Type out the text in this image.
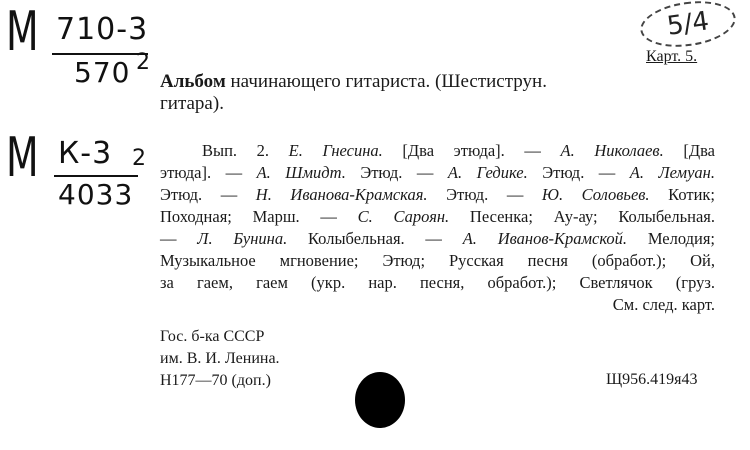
М 710-3
570 2
М К-3
4033
2
5/4
Карт. 5.
Альбом начинающего гитариста. (Шестиструн.
гитара).
Вып. 2. Е. Гнесина. [Два этюда]. — А. Николаев. [Два
этюда]. — А. Шмидт. Этюд. — А. Гедике. Этюд. — А. Лемуан.
Этюд. — Н. Иванова-Крамская. Этюд. — Ю. Соловьев. Котик;
Походная; Марш. — С. Сароян. Песенка; Ау-ау; Колыбельная.
— Л. Бунина. Колыбельная. — А. Иванов-Крамской. Мелодия;
Музыкальное мгновение; Этюд; Русская песня (обработ.); Ой,
за гаем, гаем (укр. нар. песня, обработ.); Светлячок (груз.
См. след. карт.
Гос. б-ка СССР
им. В. И. Ленина.
Н177—70 (доп.)	Щ956.419я43
